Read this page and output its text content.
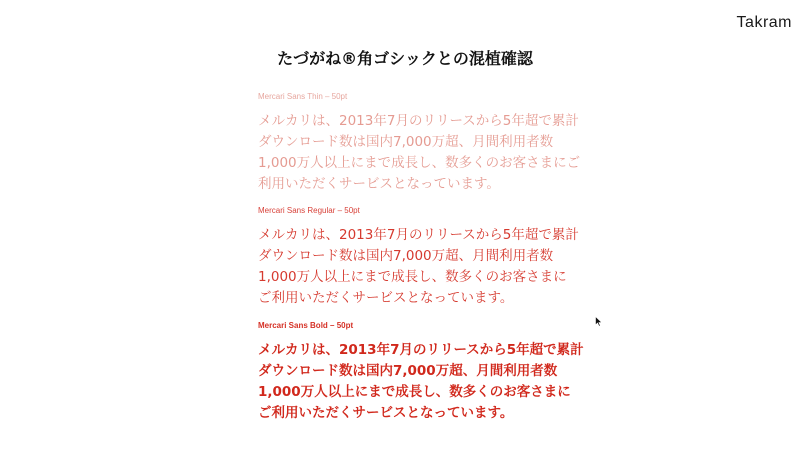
Takram
たづがね®角ゴシックとの混植確認
Mercari Sans Thin – 50pt

メルカリは、2013年7月のリリースから5年超で累計
ダウンロード数は国内7,000万超、月間利用者数
1,000万人以上にまで成長し、数多くのお客さまにご
利用いただくサービスとなっています。

Mercari Sans Regular – 50pt

メルカリは、2013年7月のリリースから5年超で累計
ダウンロード数は国内7,000万超、月間利用者数
1,000万人以上にまで成長し、数多くのお客さまに
ご利用いただくサービスとなっています。

Mercari Sans Bold – 50pt

メルカリは、2013年7月のリリースから5年超で累計
ダウンロード数は国内7,000万超、月間利用者数
1,000万人以上にまで成長し、数多くのお客さまに
ご利用いただくサービスとなっています。
